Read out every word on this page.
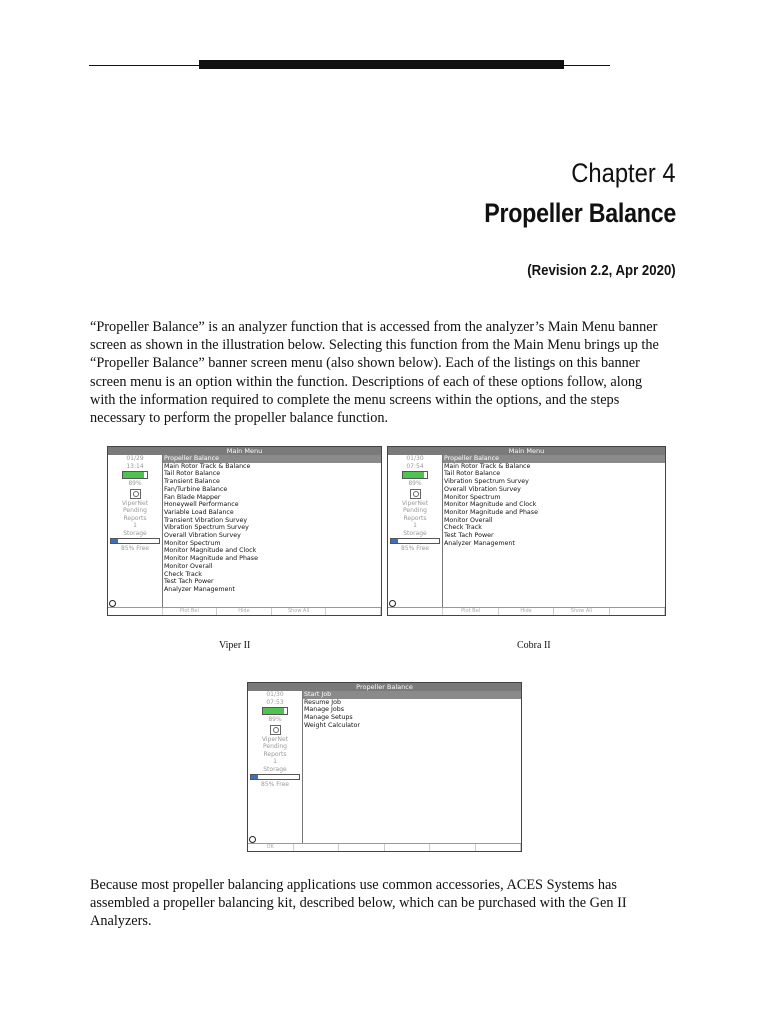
Chapter 4
Propeller Balance
(Revision 2.2, Apr 2020)
“Propeller Balance” is an analyzer function that is accessed from the analyzer’s Main Menu banner screen as shown in the illustration below. Selecting this function from the Main Menu brings up the “Propeller Balance” banner screen menu (also shown below). Each of the listings on this banner screen menu is an option within the function. Descriptions of each of these options follow, along with the information required to complete the menu screens within the options, and the steps necessary to perform the propeller balance function.
Main Menu
01/29
13:14
89%
ViperNet
Pending
Reports
1
Storage
85% Free
Propeller Balance
Main Rotor Track & Balance
Tail Rotor Balance
Transient Balance
Fan/Turbine Balance
Fan Blade Mapper
Honeywell Performance
Variable Load Balance
Transient Vibration Survey
Vibration Spectrum Survey
Overall Vibration Survey
Monitor Spectrum
Monitor Magnitude and Clock
Monitor Magnitude and Phase
Monitor Overall
Check Track
Test Tach Power
Analyzer Management
Plot Bel	Hide	Show All
Main Menu
01/30
07:54
89%
ViperNet
Pending
Reports
1
Storage
85% Free
Propeller Balance
Main Rotor Track & Balance
Tail Rotor Balance
Vibration Spectrum Survey
Overall Vibration Survey
Monitor Spectrum
Monitor Magnitude and Clock
Monitor Magnitude and Phase
Monitor Overall
Check Track
Test Tach Power
Analyzer Management
Plot Bel	Hide	Show All
Viper II	Cobra II
Propeller Balance
01/30
07:53
89%
ViperNet
Pending
Reports
1
Storage
85% Free
Start Job
Resume Job
Manage Jobs
Manage Setups
Weight Calculator
OK
Because most propeller balancing applications use common accessories, ACES Systems has assembled a propeller balancing kit, described below, which can be purchased with the Gen II Analyzers.
